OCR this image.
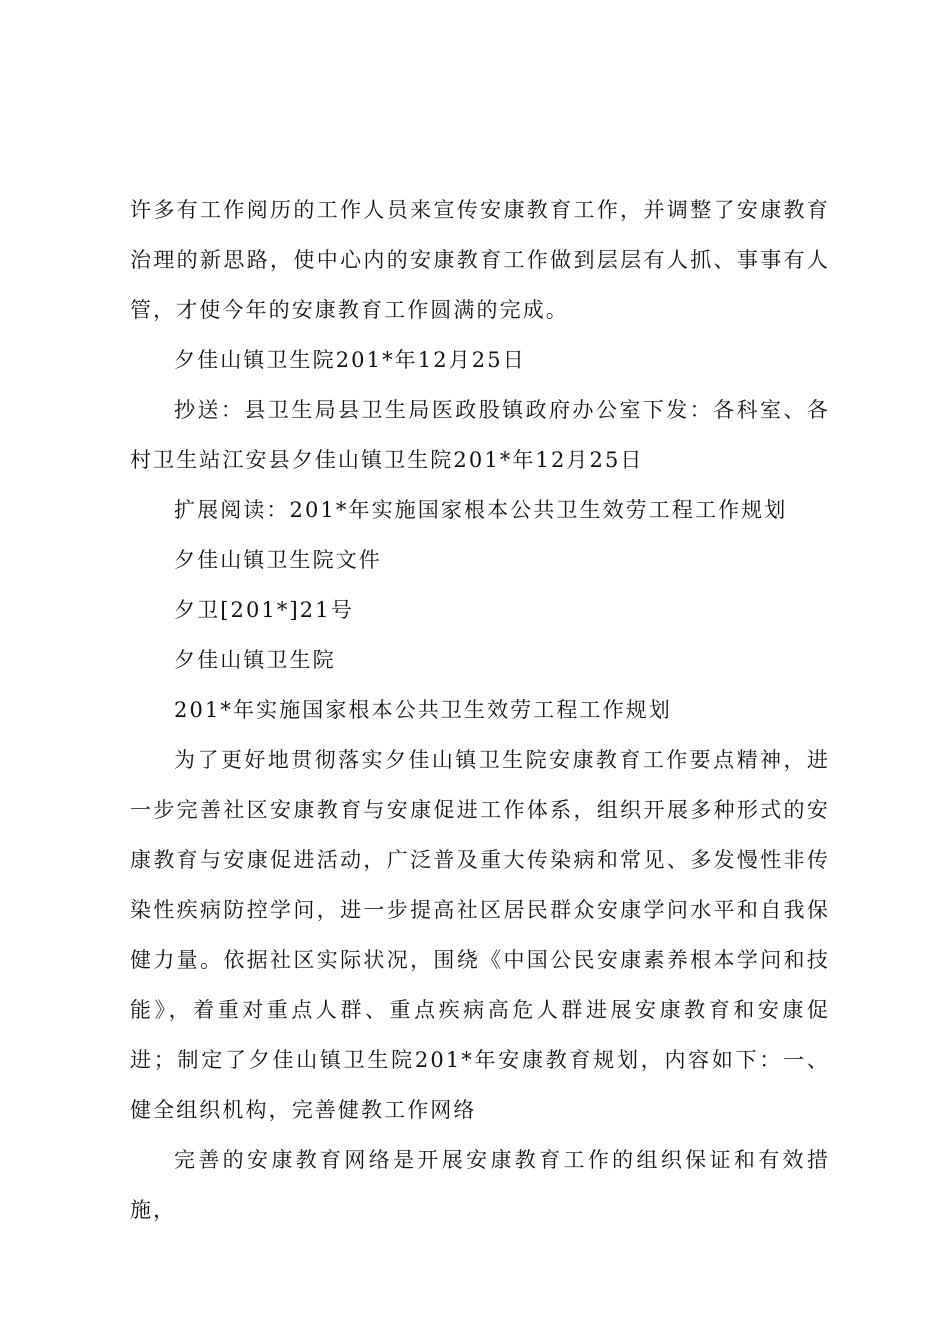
许多有工作阅历的工作人员来宣传安康教育工作，并调整了安康教育治理的新思路，使中心内的安康教育工作做到层层有人抓、事事有人管，才使今年的安康教育工作圆满的完成。

夕佳山镇卫生院201*年12月25日

抄送：县卫生局县卫生局医政股镇政府办公室下发：各科室、各村卫生站江安县夕佳山镇卫生院201*年12月25日

扩展阅读：201*年实施国家根本公共卫生效劳工程工作规划

夕佳山镇卫生院文件

夕卫[201*]21号

夕佳山镇卫生院

201*年实施国家根本公共卫生效劳工程工作规划

为了更好地贯彻落实夕佳山镇卫生院安康教育工作要点精神，进一步完善社区安康教育与安康促进工作体系，组织开展多种形式的安康教育与安康促进活动，广泛普及重大传染病和常见、多发慢性非传染性疾病防控学问，进一步提高社区居民群众安康学问水平和自我保健力量。依据社区实际状况，围绕《中国公民安康素养根本学问和技能》，着重对重点人群、重点疾病高危人群进展安康教育和安康促进；制定了夕佳山镇卫生院201*年安康教育规划，内容如下：一、健全组织机构，完善健教工作网络

完善的安康教育网络是开展安康教育工作的组织保证和有效措施，
